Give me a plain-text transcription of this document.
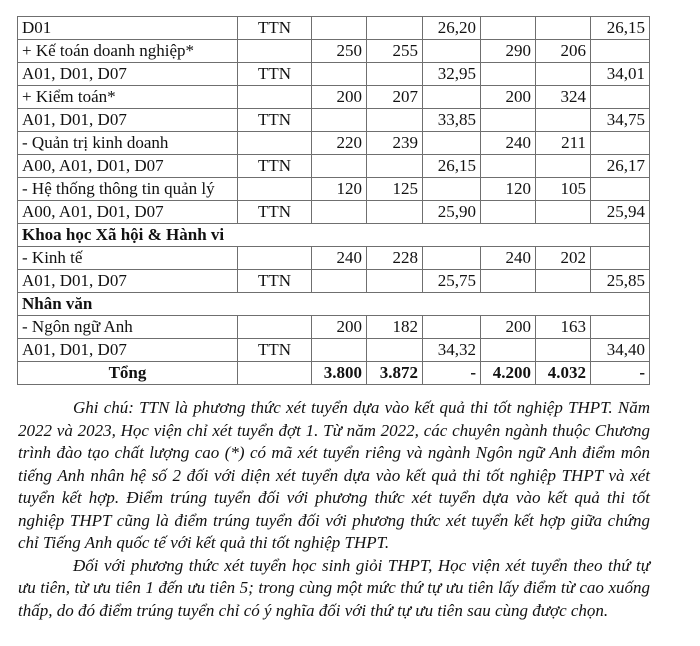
D01	TTN			26,20			26,15
+ Kế toán doanh nghiệp*		250	255		290	206	
A01, D01, D07	TTN			32,95			34,01
+ Kiểm toán*		200	207		200	324	
A01, D01, D07	TTN			33,85			34,75
- Quản trị kinh doanh		220	239		240	211	
A00, A01, D01, D07	TTN			26,15			26,17
- Hệ thống thông tin quản lý		120	125		120	105	
A00, A01, D01, D07	TTN			25,90			25,94
Khoa học Xã hội & Hành vi							
- Kinh tế		240	228		240	202	
A01, D01, D07	TTN			25,75			25,85
Nhân văn							
- Ngôn ngữ Anh		200	182		200	163	
A01, D01, D07	TTN			34,32			34,40
Tổng		3.800	3.872	-	4.200	4.032	-

Ghi chú: TTN là phương thức xét tuyển dựa vào kết quả thi tốt nghiệp THPT. Năm 2022 và 2023, Học viện chỉ xét tuyển đợt 1. Từ năm 2022, các chuyên ngành thuộc Chương trình đào tạo chất lượng cao (*) có mã xét tuyển riêng và ngành Ngôn ngữ Anh điểm môn tiếng Anh nhân hệ số 2 đối với diện xét tuyển dựa vào kết quả thi tốt nghiệp THPT và xét tuyển kết hợp. Điểm trúng tuyển đối với phương thức xét tuyển dựa vào kết quả thi tốt nghiệp THPT cũng là điểm trúng tuyển đối với phương thức xét tuyển kết hợp giữa chứng chỉ Tiếng Anh quốc tế với kết quả thi tốt nghiệp THPT.

Đối với phương thức xét tuyển học sinh giỏi THPT, Học viện xét tuyển theo thứ tự ưu tiên, từ ưu tiên 1 đến ưu tiên 5; trong cùng một mức thứ tự ưu tiên lấy điểm từ cao xuống thấp, do đó điểm trúng tuyển chỉ có ý nghĩa đối với thứ tự ưu tiên sau cùng được chọn.
